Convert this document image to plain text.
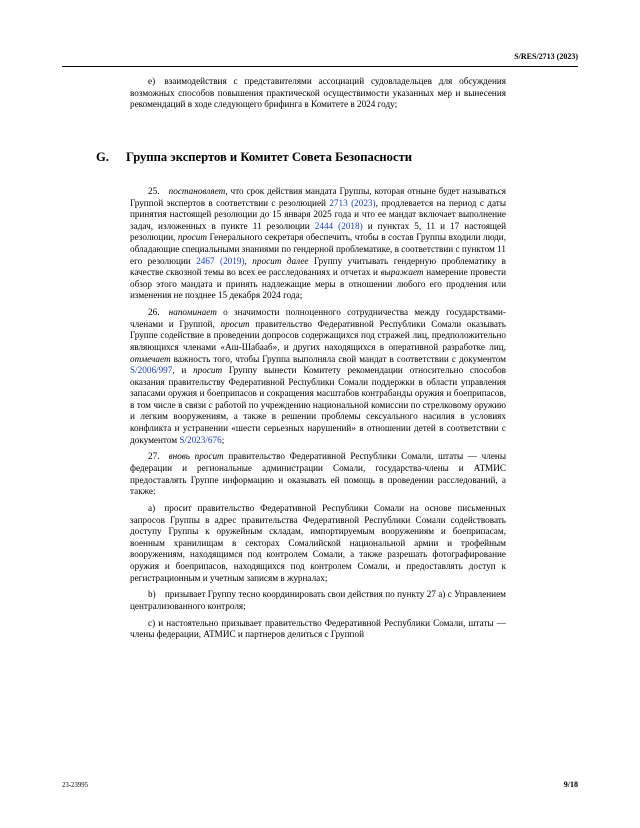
S/RES/2713 (2023)

e) взаимодействия с представителями ассоциаций судовладельцев для обсуждения возможных способов повышения практической осуществимости указанных мер и вынесения рекомендаций в ходе следующего брифинга в Комитете в 2024 году;

G. Группа экспертов и Комитет Совета Безопасности

25.  постановляет, что срок действия мандата Группы, которая отныне будет называться Группой экспертов в соответствии с резолюцией 2713 (2023), продлевается на период с даты принятия настоящей резолюции до 15 января 2025 года и что ее мандат включает выполнение задач, изложенных в пункте 11 резолюции 2444 (2018) и пунктах 5, 11 и 17 настоящей резолюции, просит Генерального секретаря обеспечить, чтобы в состав Группы входили люди, обладающие специальными знаниями по гендерной проблематике, в соответствии с пунктом 11 его резолюции 2467 (2019), просит далее Группу учитывать гендерную проблематику в качестве сквозной темы во всех ее расследованиях и отчетах и выражает намерение провести обзор этого мандата и принять надлежащие меры в отношении любого его продления или изменения не позднее 15 декабря 2024 года;

26.  напоминает о значимости полноценного сотрудничества между государствами-членами и Группой, просит правительство Федеративной Республики Сомали оказывать Группе содействие в проведении допросов содержащихся под стражей лиц, предположительно являющихся членами «Аш-Шабааб», и других находящихся в оперативной разработке лиц, отмечает важность того, чтобы Группа выполняла свой мандат в соответствии с документом S/2006/997, и просит Группу вынести Комитету рекомендации относительно способов оказания правительству Федеративной Республики Сомали поддержки в области управления запасами оружия и боеприпасов и сокращения масштабов контрабанды оружия и боеприпасов, в том числе в связи с работой по учреждению национальной комиссии по стрелковому оружию и легким вооружениям, а также в решении проблемы сексуального насилия в условиях конфликта и устранении «шести серьезных нарушений» в отношении детей в соответствии с документом S/2023/676;

27.  вновь просит правительство Федеративной Республики Сомали, штаты — члены федерации и региональные администрации Сомали, государства-члены и АТМИС предоставлять Группе информацию и оказывать ей помощь в проведении расследований, а также:

a) просит правительство Федеративной Республики Сомали на основе письменных запросов Группы в адрес правительства Федеративной Республики Сомали содействовать доступу Группы к оружейным складам, импортируемым вооружениям и боеприпасам, военным хранилищам в секторах Сомалийской национальной армии и трофейным вооружениям, находящимся под контролем Сомали, а также разрешать фотографирование оружия и боеприпасов, находящихся под контролем Сомали, и предоставлять доступ к регистрационным и учетным записям в журналах;

b) призывает Группу тесно координировать свои действия по пункту 27 a) с Управлением централизованного контроля;

c) и настоятельно призывает правительство Федеративной Республики Сомали, штаты — члены федерации, АТМИС и партнеров делиться с Группой

23-23995	9/18
